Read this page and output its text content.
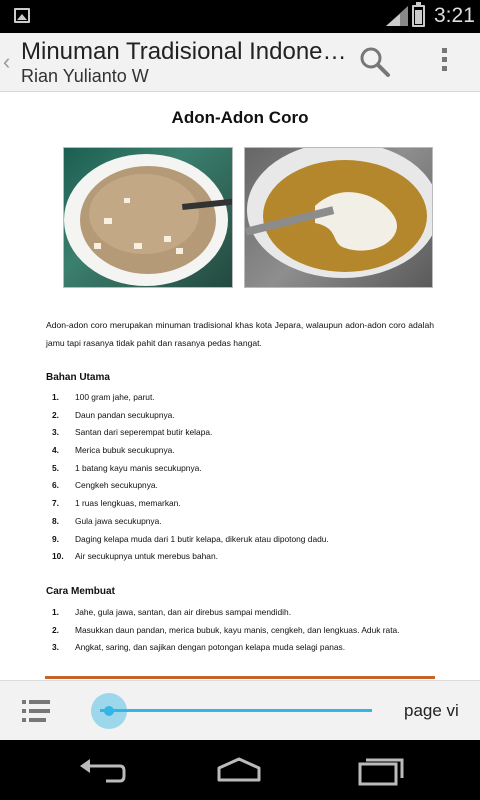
3:21
‹ Minuman Tradisional Indone…
Rian Yulianto W
Adon-Adon Coro
Adon-adon coro merupakan minuman tradisional khas kota Jepara, walaupun adon-adon coro adalah jamu tapi rasanya tidak pahit dan rasanya pedas hangat.
Bahan Utama
1. 100 gram jahe, parut.
2. Daun pandan secukupnya.
3. Santan dari seperempat butir kelapa.
4. Merica bubuk secukupnya.
5. 1 batang kayu manis secukupnya.
6. Cengkeh secukupnya.
7. 1 ruas lengkuas, memarkan.
8. Gula jawa secukupnya.
9. Daging kelapa muda dari 1 butir kelapa, dikeruk atau dipotong dadu.
10. Air secukupnya untuk merebus bahan.
Cara Membuat
1. Jahe, gula jawa, santan, dan air direbus sampai mendidih.
2. Masukkan daun pandan, merica bubuk, kayu manis, cengkeh, dan lengkuas. Aduk rata.
3. Angkat, saring, dan sajikan dengan potongan kelapa muda selagi panas.
page vi
